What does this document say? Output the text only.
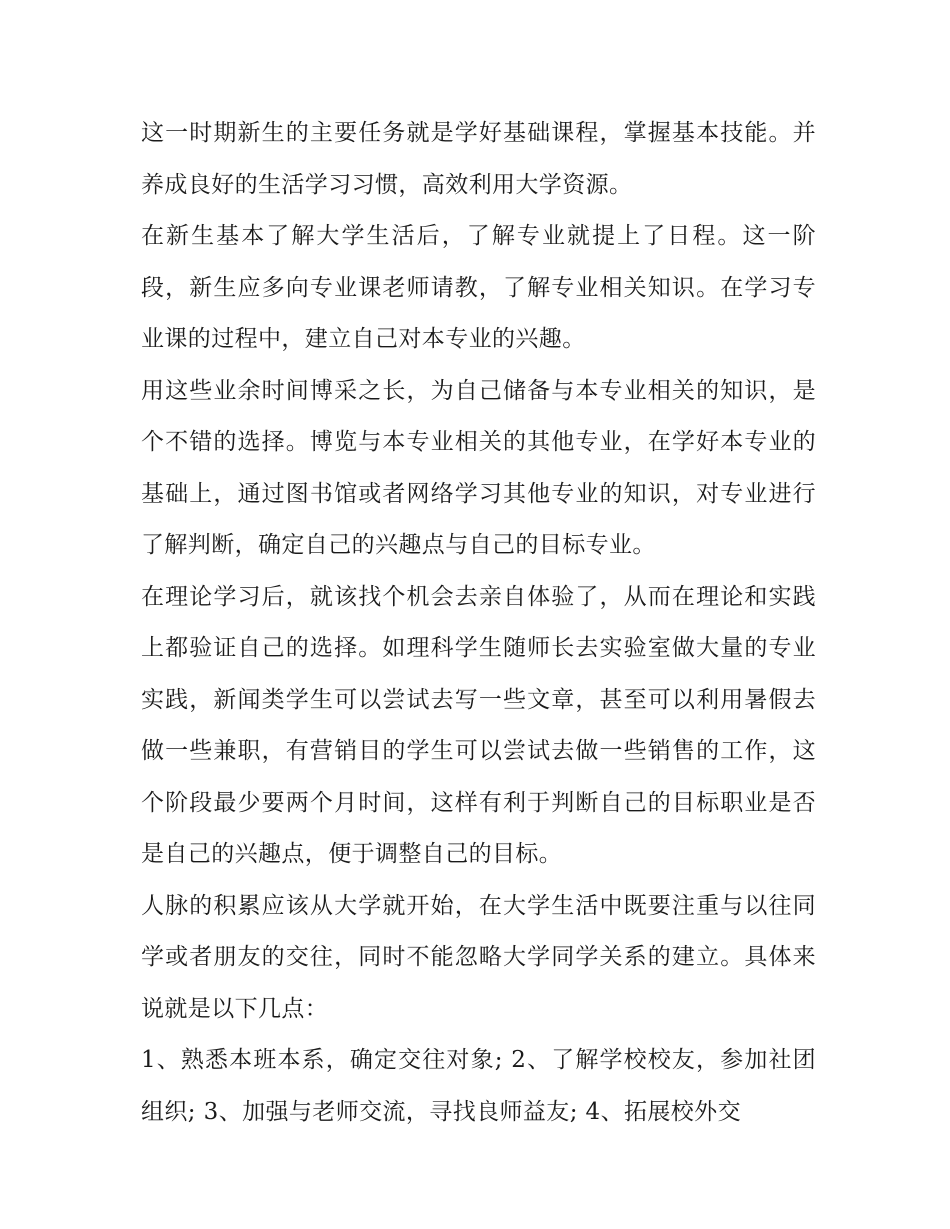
这一时期新生的主要任务就是学好基础课程，掌握基本技能。并养成良好的生活学习习惯，高效利用大学资源。

在新生基本了解大学生活后，了解专业就提上了日程。这一阶段，新生应多向专业课老师请教，了解专业相关知识。在学习专业课的过程中，建立自己对本专业的兴趣。

用这些业余时间博采之长，为自己储备与本专业相关的知识，是个不错的选择。博览与本专业相关的其他专业，在学好本专业的基础上，通过图书馆或者网络学习其他专业的知识，对专业进行了解判断，确定自己的兴趣点与自己的目标专业。

在理论学习后，就该找个机会去亲自体验了，从而在理论和实践上都验证自己的选择。如理科学生随师长去实验室做大量的专业实践，新闻类学生可以尝试去写一些文章，甚至可以利用暑假去做一些兼职，有营销目的学生可以尝试去做一些销售的工作，这个阶段最少要两个月时间，这样有利于判断自己的目标职业是否是自己的兴趣点，便于调整自己的目标。

人脉的积累应该从大学就开始，在大学生活中既要注重与以往同学或者朋友的交往，同时不能忽略大学同学关系的建立。具体来说就是以下几点：

1、熟悉本班本系，确定交往对象; 2、了解学校校友，参加社团组织; 3、加强与老师交流，寻找良师益友; 4、拓展校外交
